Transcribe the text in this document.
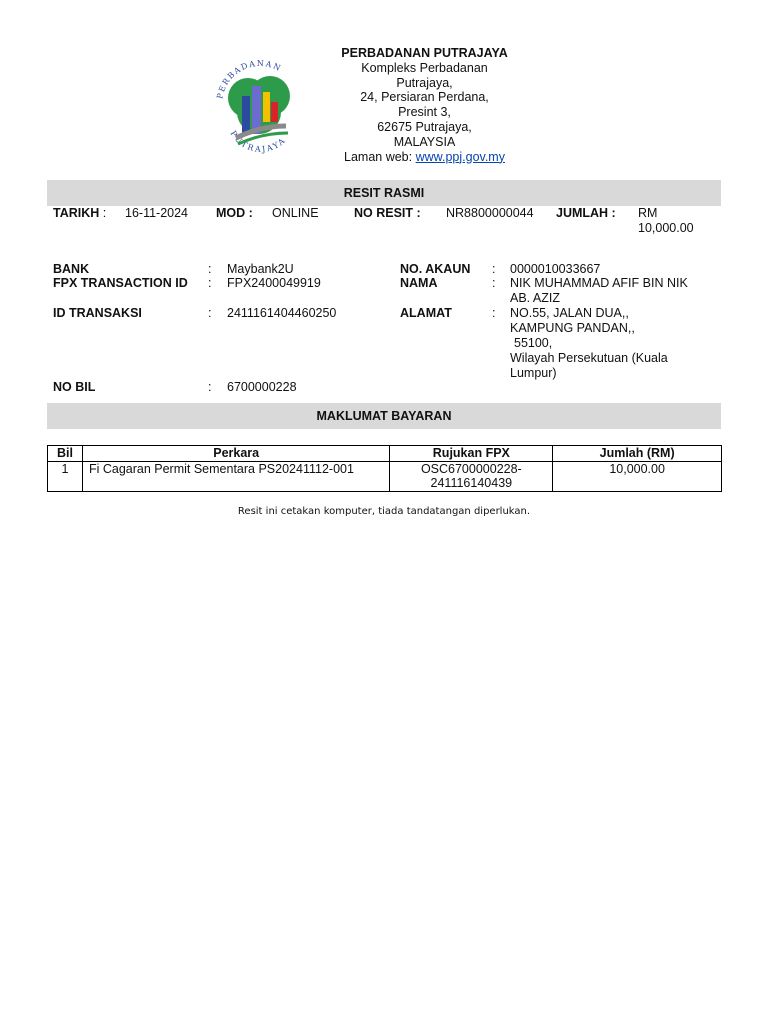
PERBADANAN
PUTRAJAYA
PERBADANAN PUTRAJAYA
Kompleks Perbadanan
Putrajaya,
24, Persiaran Perdana,
Presint 3,
62675 Putrajaya,
MALAYSIA
Laman web: www.ppj.gov.my
RESIT RASMI
TARIKH : 16-11-2024 MOD : ONLINE	NO RESIT : NR8800000044 JUMLAH : RM 10,000.00
BANK	: Maybank2U
FPX TRANSACTION ID : FPX2400049919
ID TRANSAKSI	: 2411161404460250
NO BIL	: 6700000228
NO. AKAUN : 0000010033667
NAMA	: NIK MUHAMMAD AFIF BIN NIK AB. AZIZ
ALAMAT	: NO.55, JALAN DUA,,
KAMPUNG PANDAN,,
55100,
Wilayah Persekutuan (Kuala Lumpur)
MAKLUMAT BAYARAN
Bil	Perkara	Rujukan FPX	Jumlah (RM)
1	Fi Cagaran Permit Sementara PS20241112-001	OSC6700000228-241116140439	10,000.00
Resit ini cetakan komputer, tiada tandatangan diperlukan.
